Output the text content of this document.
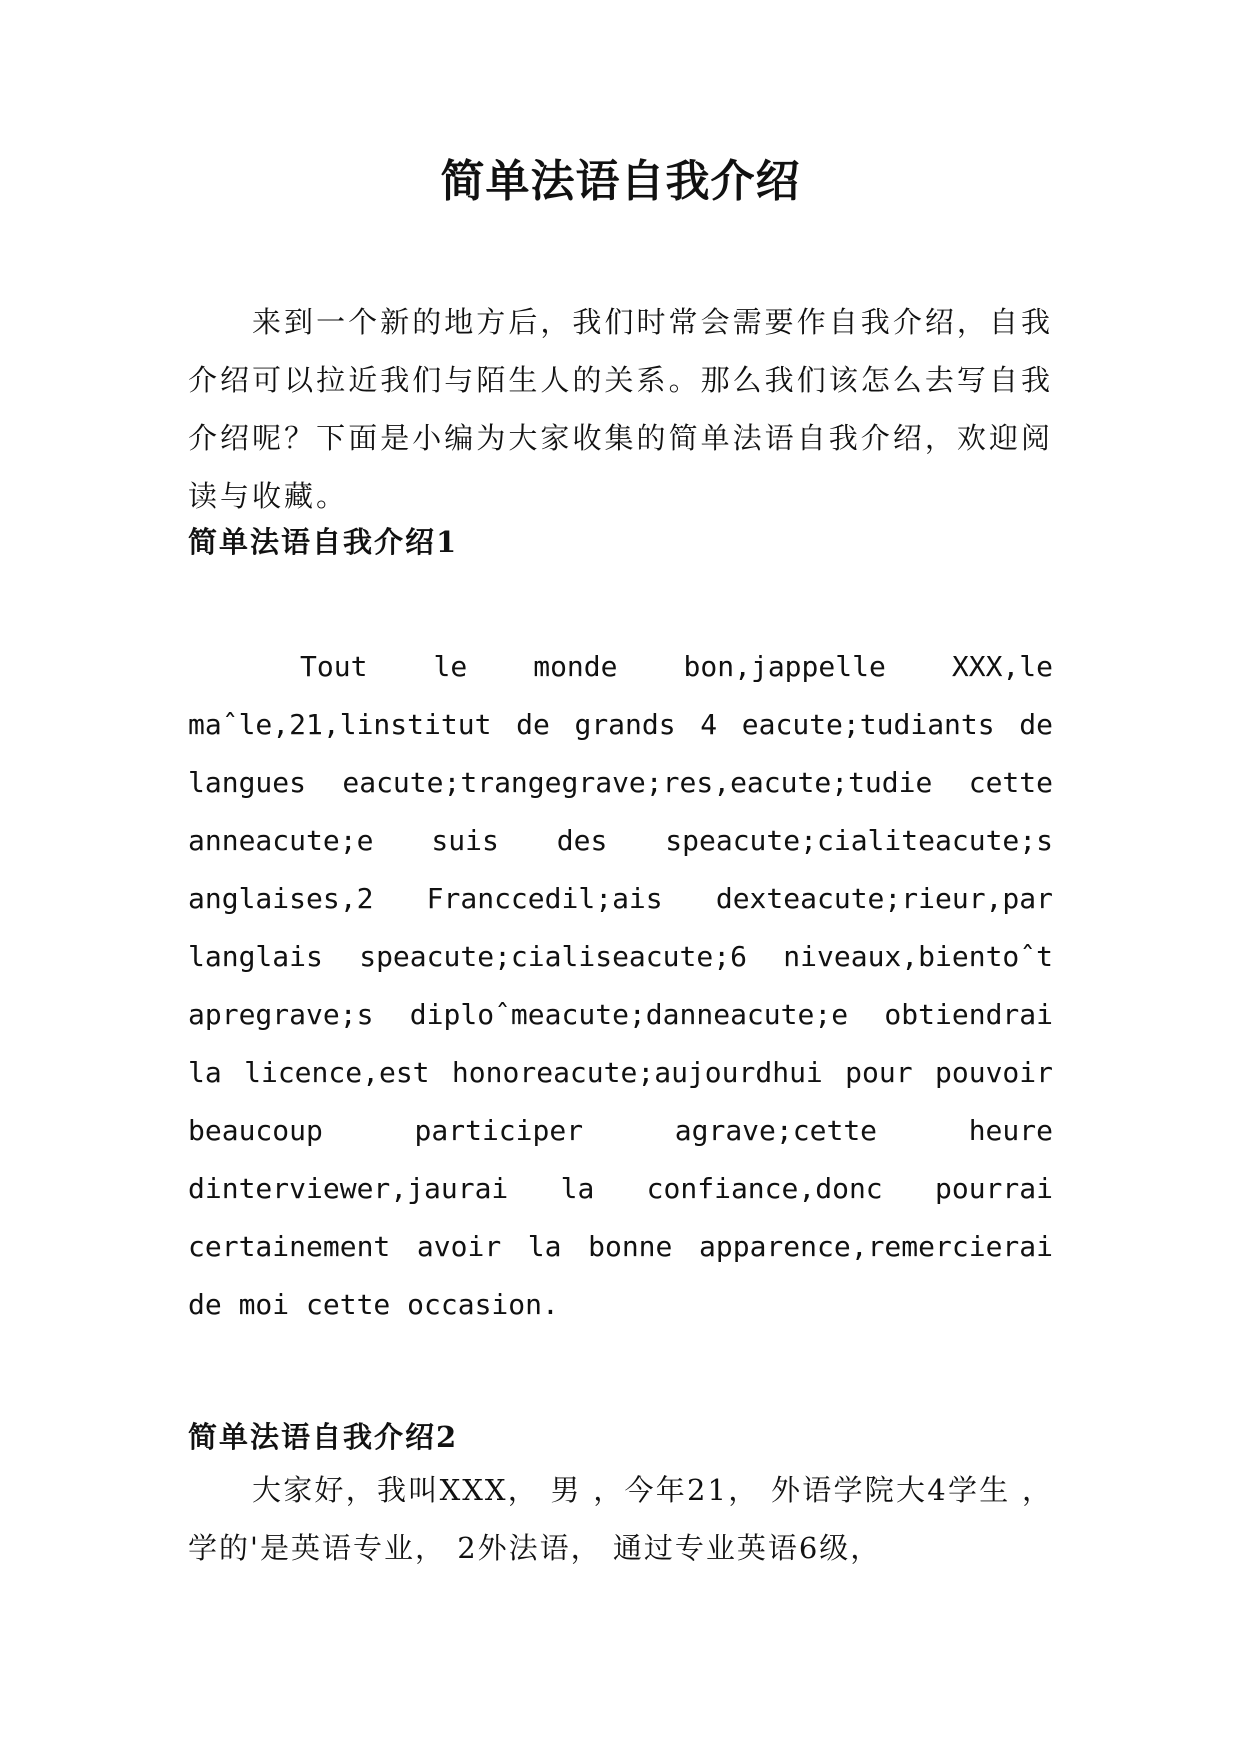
简单法语自我介绍

来到一个新的地方后，我们时常会需要作自我介绍，自我介绍可以拉近我们与陌生人的关系。那么我们该怎么去写自我介绍呢？下面是小编为大家收集的简单法语自我介绍，欢迎阅读与收藏。

简单法语自我介绍1

Tout le monde bon,jappelle XXX,le maˆle,21,linstitut de grands 4 eacute;tudiants de langues eacute;trangegrave;res,eacute;tudie cette anneacute;e suis des speacute;cialiteacute;s anglaises,2 Franccedil;ais dexteacute;rieur,par langlais speacute;cialiseacute;6 niveaux,bientoˆt apregrave;s diploˆmeacute;danneacute;e obtiendrai la licence,est honoreacute;aujourdhui pour pouvoir beaucoup participer agrave;cette heure dinterviewer,jaurai la confiance,donc pourrai certainement avoir la bonne apparence,remercierai de moi cette occasion.

简单法语自我介绍2

大家好，我叫XXX， 男 ，今年21， 外语学院大4学生 ，学的'是英语专业， 2外法语， 通过专业英语6级，
